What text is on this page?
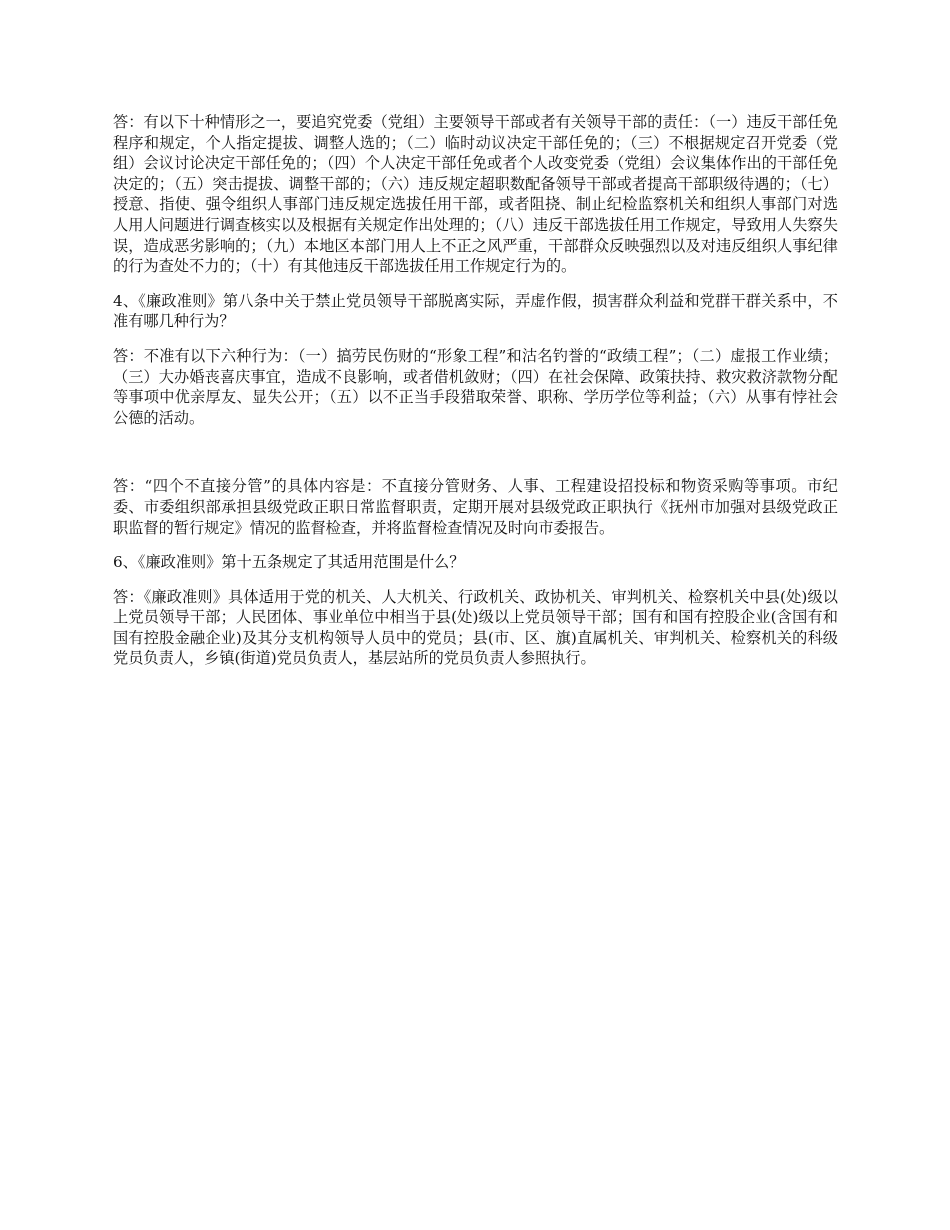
答：有以下十种情形之一，要追究党委（党组）主要领导干部或者有关领导干部的责任：（一）违反干部任免程序和规定，个人指定提拔、调整人选的；（二）临时动议决定干部任免的；（三）不根据规定召开党委（党组）会议讨论决定干部任免的；（四）个人决定干部任免或者个人改变党委（党组）会议集体作出的干部任免决定的；（五）突击提拔、调整干部的；（六）违反规定超职数配备领导干部或者提高干部职级待遇的；（七）授意、指使、强令组织人事部门违反规定选拔任用干部，或者阻挠、制止纪检监察机关和组织人事部门对选人用人问题进行调查核实以及根据有关规定作出处理的；（八）违反干部选拔任用工作规定，导致用人失察失误，造成恶劣影响的；（九）本地区本部门用人上不正之风严重，干部群众反映强烈以及对违反组织人事纪律的行为查处不力的；（十）有其他违反干部选拔任用工作规定行为的。

4、《廉政准则》第八条中关于禁止党员领导干部脱离实际，弄虚作假，损害群众利益和党群干群关系中，不准有哪几种行为？

答：不准有以下六种行为：（一）搞劳民伤财的“形象工程”和沽名钓誉的“政绩工程”；（二）虚报工作业绩；（三）大办婚丧喜庆事宜，造成不良影响，或者借机敛财；（四）在社会保障、政策扶持、救灾救济款物分配等事项中优亲厚友、显失公开；（五）以不正当手段猎取荣誉、职称、学历学位等利益；（六）从事有悖社会公德的活动。

答：“四个不直接分管”的具体内容是：不直接分管财务、人事、工程建设招投标和物资采购等事项。市纪委、市委组织部承担县级党政正职日常监督职责，定期开展对县级党政正职执行《抚州市加强对县级党政正职监督的暂行规定》情况的监督检查，并将监督检查情况及时向市委报告。

6、《廉政准则》第十五条规定了其适用范围是什么？

答：《廉政准则》具体适用于党的机关、人大机关、行政机关、政协机关、审判机关、检察机关中县(处)级以上党员领导干部；人民团体、事业单位中相当于县(处)级以上党员领导干部；国有和国有控股企业(含国有和国有控股金融企业)及其分支机构领导人员中的党员；县(市、区、旗)直属机关、审判机关、检察机关的科级党员负责人，乡镇(街道)党员负责人，基层站所的党员负责人参照执行。
